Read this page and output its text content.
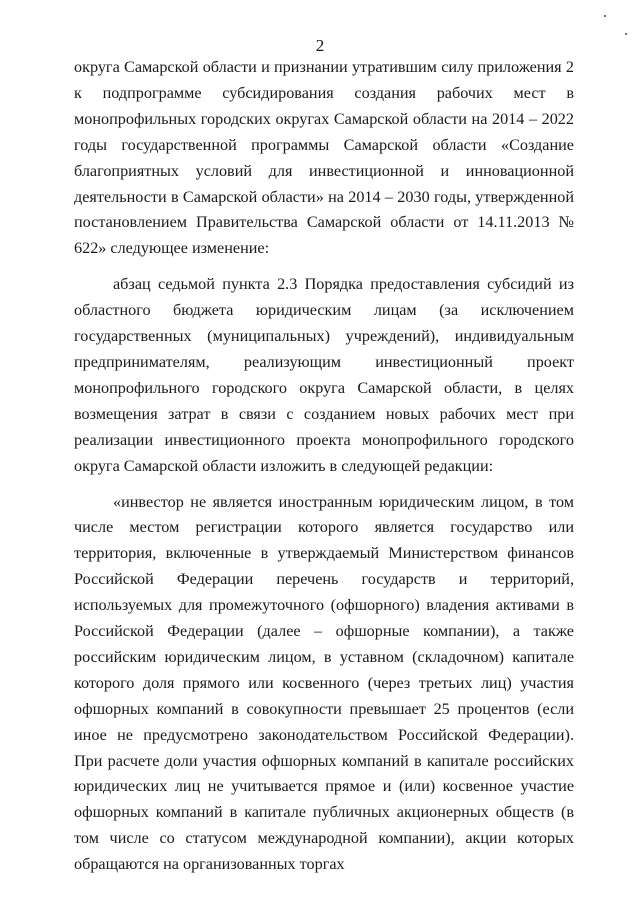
2

округа Самарской области и признании утратившим силу приложения 2 к подпрограмме субсидирования создания рабочих мест в монопрофильных городских округах Самарской области на 2014 – 2022 годы государственной программы Самарской области «Создание благоприятных условий для инвестиционной и инновационной деятельности в Самарской области» на 2014 – 2030 годы, утвержденной постановлением Правительства Самарской области от 14.11.2013 № 622» следующее изменение:

абзац седьмой пункта 2.3 Порядка предоставления субсидий из областного бюджета юридическим лицам (за исключением государственных (муниципальных) учреждений), индивидуальным предпринимателям, реализующим инвестиционный проект монопрофильного городского округа Самарской области, в целях возмещения затрат в связи с созданием новых рабочих мест при реализации инвестиционного проекта монопрофильного городского округа Самарской области изложить в следующей редакции:

«инвестор не является иностранным юридическим лицом, в том числе местом регистрации которого является государство или территория, включенные в утверждаемый Министерством финансов Российской Федерации перечень государств и территорий, используемых для промежуточного (офшорного) владения активами в Российской Федерации (далее – офшорные компании), а также российским юридическим лицом, в уставном (складочном) капитале которого доля прямого или косвенного (через третьих лиц) участия офшорных компаний в совокупности превышает 25 процентов (если иное не предусмотрено законодательством Российской Федерации). При расчете доли участия офшорных компаний в капитале российских юридических лиц не учитывается прямое и (или) косвенное участие офшорных компаний в капитале публичных акционерных обществ (в том числе со статусом международной компании), акции которых обращаются на организованных торгах
